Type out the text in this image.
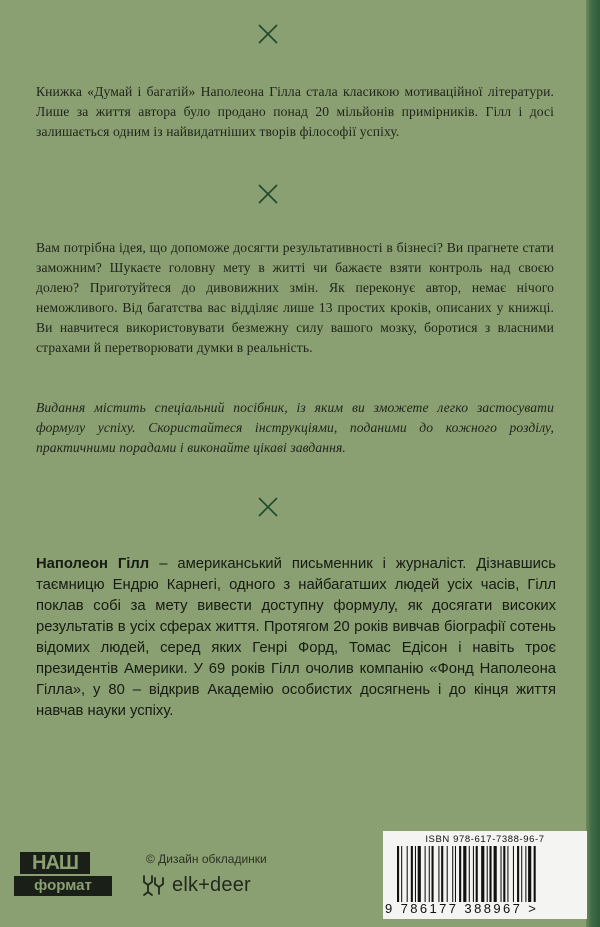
Книжка «Думай і багатій» Наполеона Гілла стала класикою мотиваційної літератури. Лише за життя автора було продано понад 20 мільйонів примірників. Гілл і досі залишається одним із найвидатніших творів філософії успіху.

Вам потрібна ідея, що допоможе досягти результативності в бізнесі? Ви прагнете стати заможним? Шукаєте головну мету в житті чи бажаєте взяти контроль над своєю долею? Приготуйтеся до дивовижних змін. Як переконує автор, немає нічого неможливого. Від багатства вас відділяє лише 13 простих кроків, описаних у книжці. Ви навчитеся використовувати безмежну силу вашого мозку, боротися з власними страхами й перетворювати думки в реальність.

Видання містить спеціальний посібник, із яким ви зможете легко застосувати формулу успіху. Скористайтеся інструкціями, поданими до кожного розділу, практичними порадами і виконайте цікаві завдання.

Наполеон Гілл – американський письменник і журналіст. Дізнавшись таємницю Ендрю Карнегі, одного з найбагатших людей усіх часів, Гілл поклав собі за мету вивести доступну формулу, як досягати високих результатів в усіх сферах життя. Протягом 20 років вивчав біографії сотень відомих людей, серед яких Генрі Форд, Томас Едісон і навіть троє президентів Америки. У 69 років Гілл очолив компанію «Фонд Наполеона Гілла», у 80 – відкрив Академію особистих досягнень і до кінця життя навчав науки успіху.

НАШ
формат
© Дизайн обкладинки
elk+deer
ISBN 978-617-7388-96-7
9 786177 388967 >
